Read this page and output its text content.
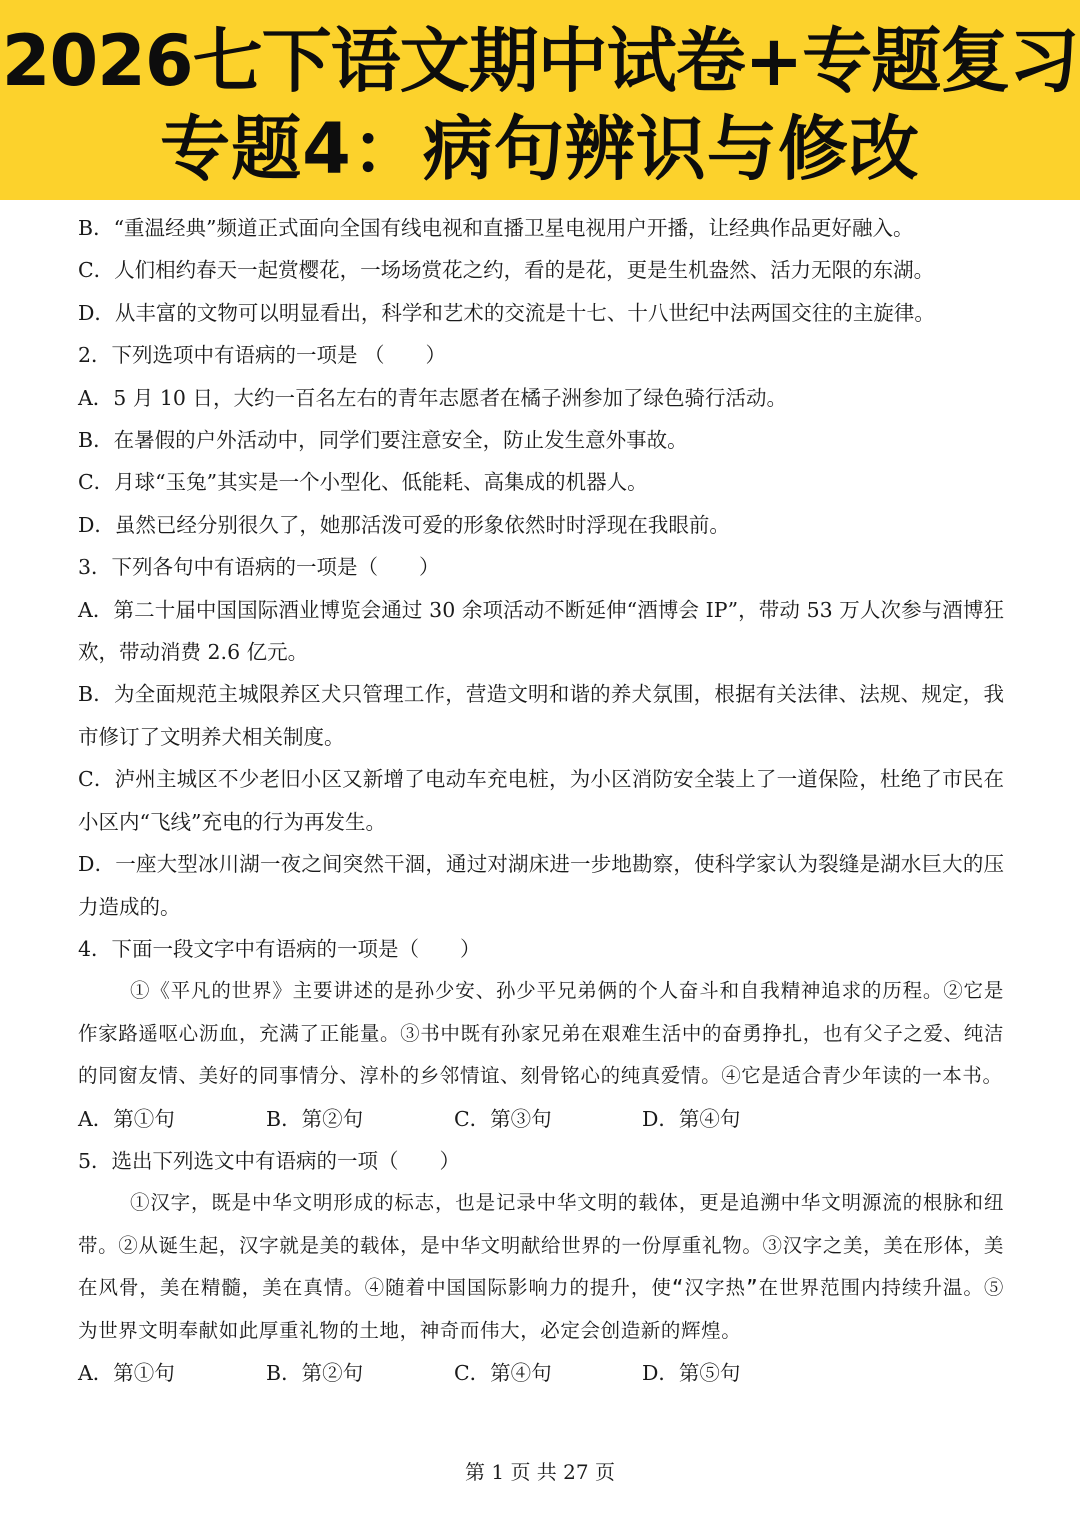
2026七下语文期中试卷+专题复习
专题4：病句辨识与修改

B．“重温经典”频道正式面向全国有线电视和直播卫星电视用户开播，让经典作品更好融入。

C．人们相约春天一起赏樱花，一场场赏花之约，看的是花，更是生机盎然、活力无限的东湖。

D．从丰富的文物可以明显看出，科学和艺术的交流是十七、十八世纪中法两国交往的主旋律。

2．下列选项中有语病的一项是 （　　）

A．5 月 10 日，大约一百名左右的青年志愿者在橘子洲参加了绿色骑行活动。

B．在暑假的户外活动中，同学们要注意安全，防止发生意外事故。

C．月球“玉兔”其实是一个小型化、低能耗、高集成的机器人。

D．虽然已经分别很久了，她那活泼可爱的形象依然时时浮现在我眼前。

3．下列各句中有语病的一项是（　　）

A．第二十届中国国际酒业博览会通过 30 余项活动不断延伸“酒博会 IP”，带动 53 万人次参与酒博狂欢，带动消费 2.6 亿元。

B．为全面规范主城限养区犬只管理工作，营造文明和谐的养犬氛围，根据有关法律、法规、规定，我市修订了文明养犬相关制度。

C．泸州主城区不少老旧小区又新增了电动车充电桩，为小区消防安全装上了一道保险，杜绝了市民在小区内“飞线”充电的行为再发生。

D．一座大型冰川湖一夜之间突然干涸，通过对湖床进一步地勘察，使科学家认为裂缝是湖水巨大的压力造成的。

4．下面一段文字中有语病的一项是（　　）

①《平凡的世界》主要讲述的是孙少安、孙少平兄弟俩的个人奋斗和自我精神追求的历程。②它是作家路遥呕心沥血，充满了正能量。③书中既有孙家兄弟在艰难生活中的奋勇挣扎，也有父子之爱、纯洁的同窗友情、美好的同事情分、淳朴的乡邻情谊、刻骨铭心的纯真爱情。④它是适合青少年读的一本书。

A．第①句	B．第②句	C．第③句	D．第④句

5．选出下列选文中有语病的一项（　　）

①汉字，既是中华文明形成的标志，也是记录中华文明的载体，更是追溯中华文明源流的根脉和纽带。②从诞生起，汉字就是美的载体，是中华文明献给世界的一份厚重礼物。③汉字之美，美在形体，美在风骨，美在精髓，美在真情。④随着中国国际影响力的提升，使“汉字热”在世界范围内持续升温。⑤为世界文明奉献如此厚重礼物的土地，神奇而伟大，必定会创造新的辉煌。

A．第①句	B．第②句	C．第④句	D．第⑤句
第 1 页 共 27 页
